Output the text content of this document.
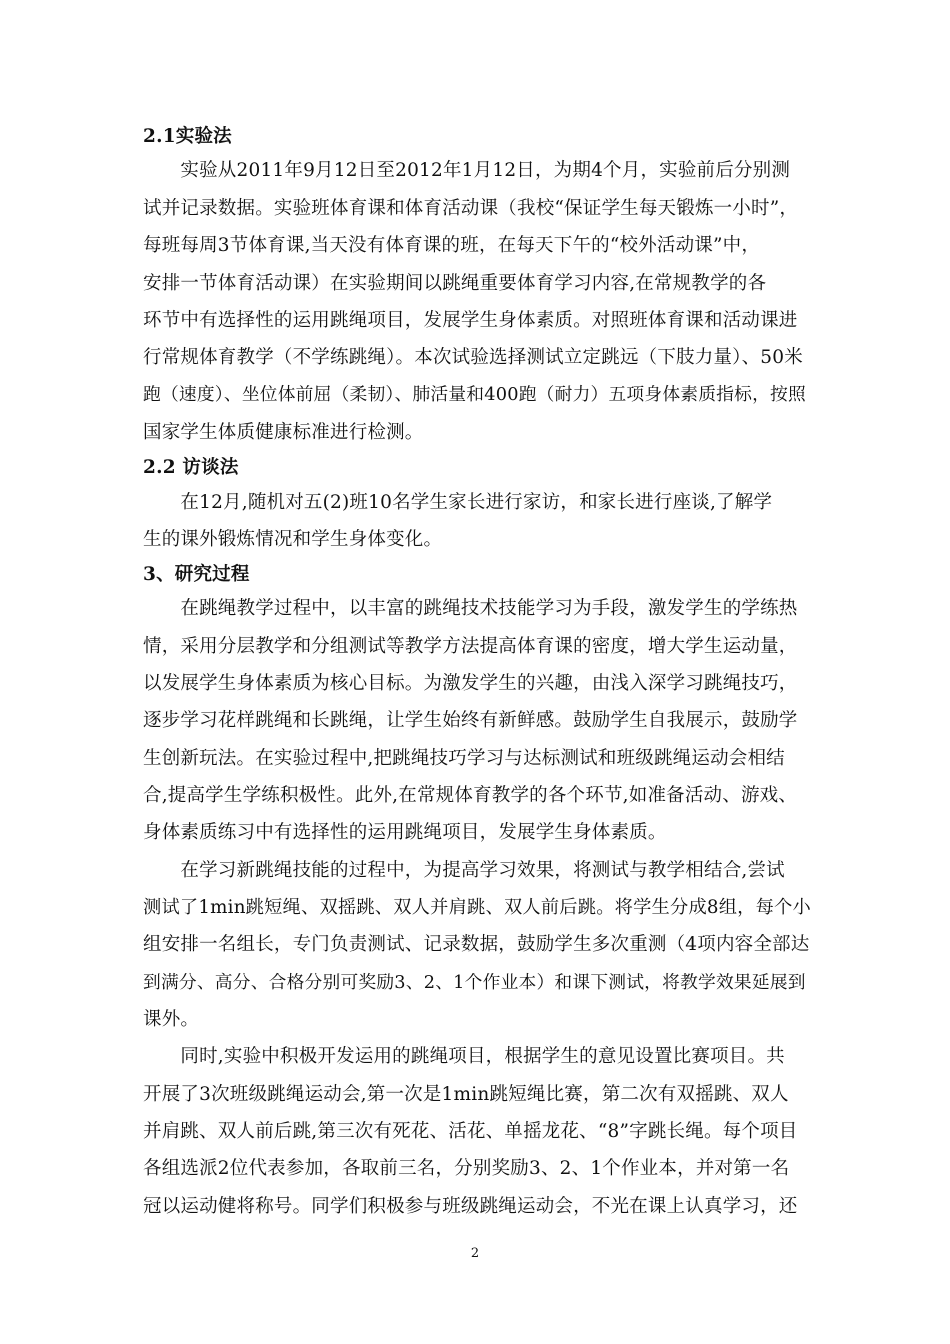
2.1实验法
　　实验从2011年9月12日至2012年1月12日，为期4个月，实验前后分别测
试并记录数据。实验班体育课和体育活动课（我校“保证学生每天锻炼一小时”，
每班每周3节体育课,当天没有体育课的班，在每天下午的“校外活动课”中，
安排一节体育活动课）在实验期间以跳绳重要体育学习内容,在常规教学的各
环节中有选择性的运用跳绳项目，发展学生身体素质。对照班体育课和活动课进
行常规体育教学（不学练跳绳）。本次试验选择测试立定跳远（下肢力量）、50米
跑（速度）、坐位体前屈（柔韧）、肺活量和400跑（耐力）五项身体素质指标，按照
国家学生体质健康标准进行检测。
2.2 访谈法
　　在12月,随机对五(2)班10名学生家长进行家访，和家长进行座谈,了解学
生的课外锻炼情况和学生身体变化。
3、研究过程
　　在跳绳教学过程中，以丰富的跳绳技术技能学习为手段，激发学生的学练热
情，采用分层教学和分组测试等教学方法提高体育课的密度，增大学生运动量，
以发展学生身体素质为核心目标。为激发学生的兴趣，由浅入深学习跳绳技巧，
逐步学习花样跳绳和长跳绳，让学生始终有新鲜感。鼓励学生自我展示，鼓励学
生创新玩法。在实验过程中,把跳绳技巧学习与达标测试和班级跳绳运动会相结
合,提高学生学练积极性。此外,在常规体育教学的各个环节,如准备活动、游戏、
身体素质练习中有选择性的运用跳绳项目，发展学生身体素质。
　　在学习新跳绳技能的过程中，为提高学习效果，将测试与教学相结合,尝试
测试了1min跳短绳、双摇跳、双人并肩跳、双人前后跳。将学生分成8组，每个小
组安排一名组长，专门负责测试、记录数据，鼓励学生多次重测（4项内容全部达
到满分、高分、合格分别可奖励3、2、1个作业本）和课下测试，将教学效果延展到
课外。
　　同时,实验中积极开发运用的跳绳项目，根据学生的意见设置比赛项目。共
开展了3次班级跳绳运动会,第一次是1min跳短绳比赛，第二次有双摇跳、双人
并肩跳、双人前后跳,第三次有死花、活花、单摇龙花、“8”字跳长绳。每个项目
各组选派2位代表参加，各取前三名，分别奖励3、2、1个作业本，并对第一名
冠以运动健将称号。同学们积极参与班级跳绳运动会，不光在课上认真学习，还
2
